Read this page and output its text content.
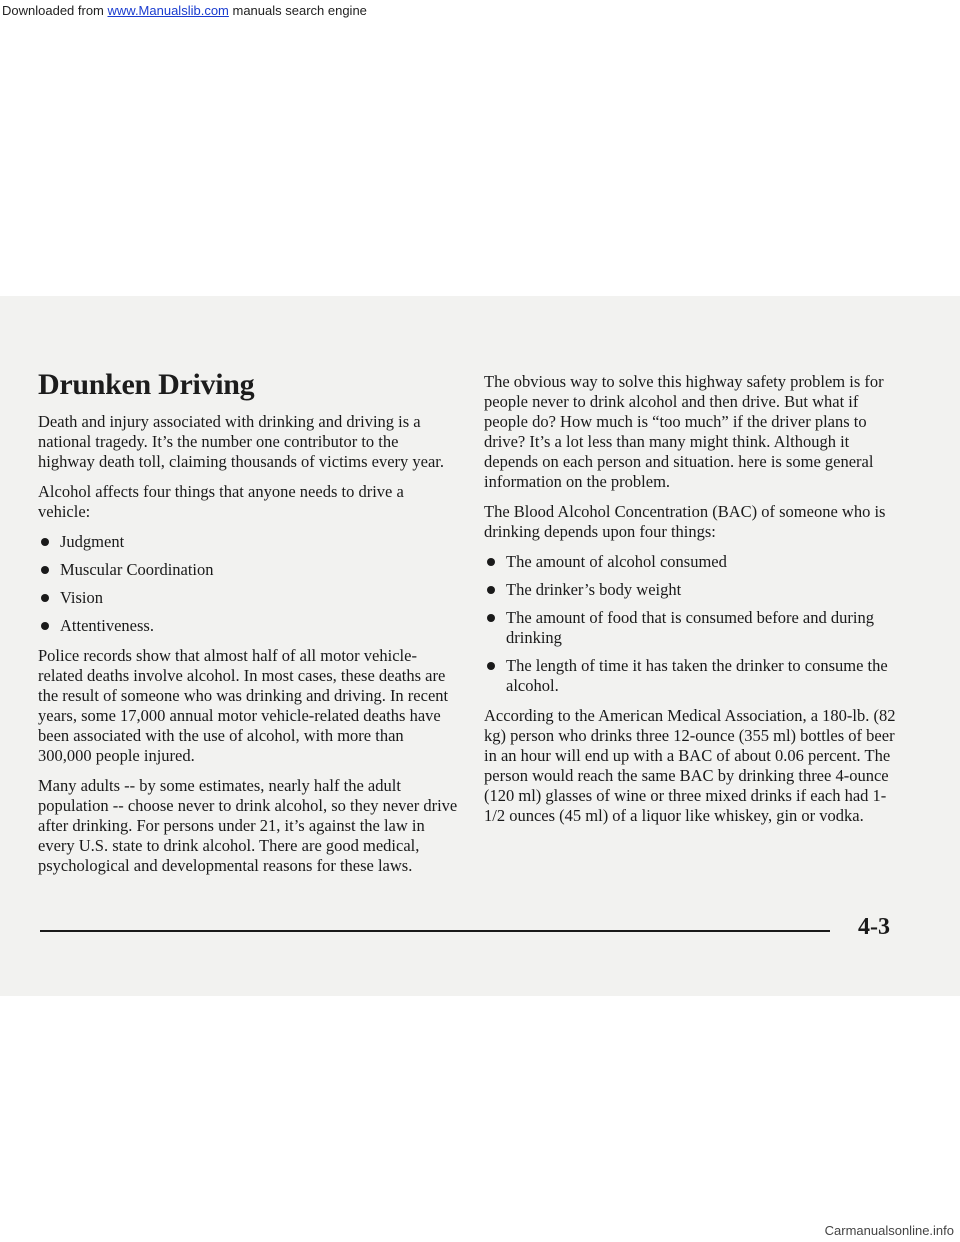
Downloaded from www.Manualslib.com manuals search engine
Drunken Driving

Death and injury associated with drinking and driving is a national tragedy. It’s the number one contributor to the highway death toll, claiming thousands of victims every year.

Alcohol affects four things that anyone needs to drive a vehicle:

Judgment
Muscular Coordination
Vision
Attentiveness.

Police records show that almost half of all motor vehicle-related deaths involve alcohol. In most cases, these deaths are the result of someone who was drinking and driving. In recent years, some 17,000 annual motor vehicle-related deaths have been associated with the use of alcohol, with more than 300,000 people injured.

Many adults -- by some estimates, nearly half the adult population -- choose never to drink alcohol, so they never drive after drinking. For persons under 21, it’s against the law in every U.S. state to drink alcohol. There are good medical, psychological and developmental reasons for these laws.

The obvious way to solve this highway safety problem is for people never to drink alcohol and then drive. But what if people do? How much is “too much” if the driver plans to drive? It’s a lot less than many might think. Although it depends on each person and situation. here is some general information on the problem.

The Blood Alcohol Concentration (BAC) of someone who is drinking depends upon four things:

The amount of alcohol consumed
The drinker’s body weight
The amount of food that is consumed before and during drinking
The length of time it has taken the drinker to consume the alcohol.

According to the American Medical Association, a 180-lb. (82 kg) person who drinks three 12-ounce (355 ml) bottles of beer in an hour will end up with a BAC of about 0.06 percent. The person would reach the same BAC by drinking three 4-ounce (120 ml) glasses of wine or three mixed drinks if each had 1-1/2 ounces (45 ml) of a liquor like whiskey, gin or vodka.

4-3
Carmanualsonline.info
